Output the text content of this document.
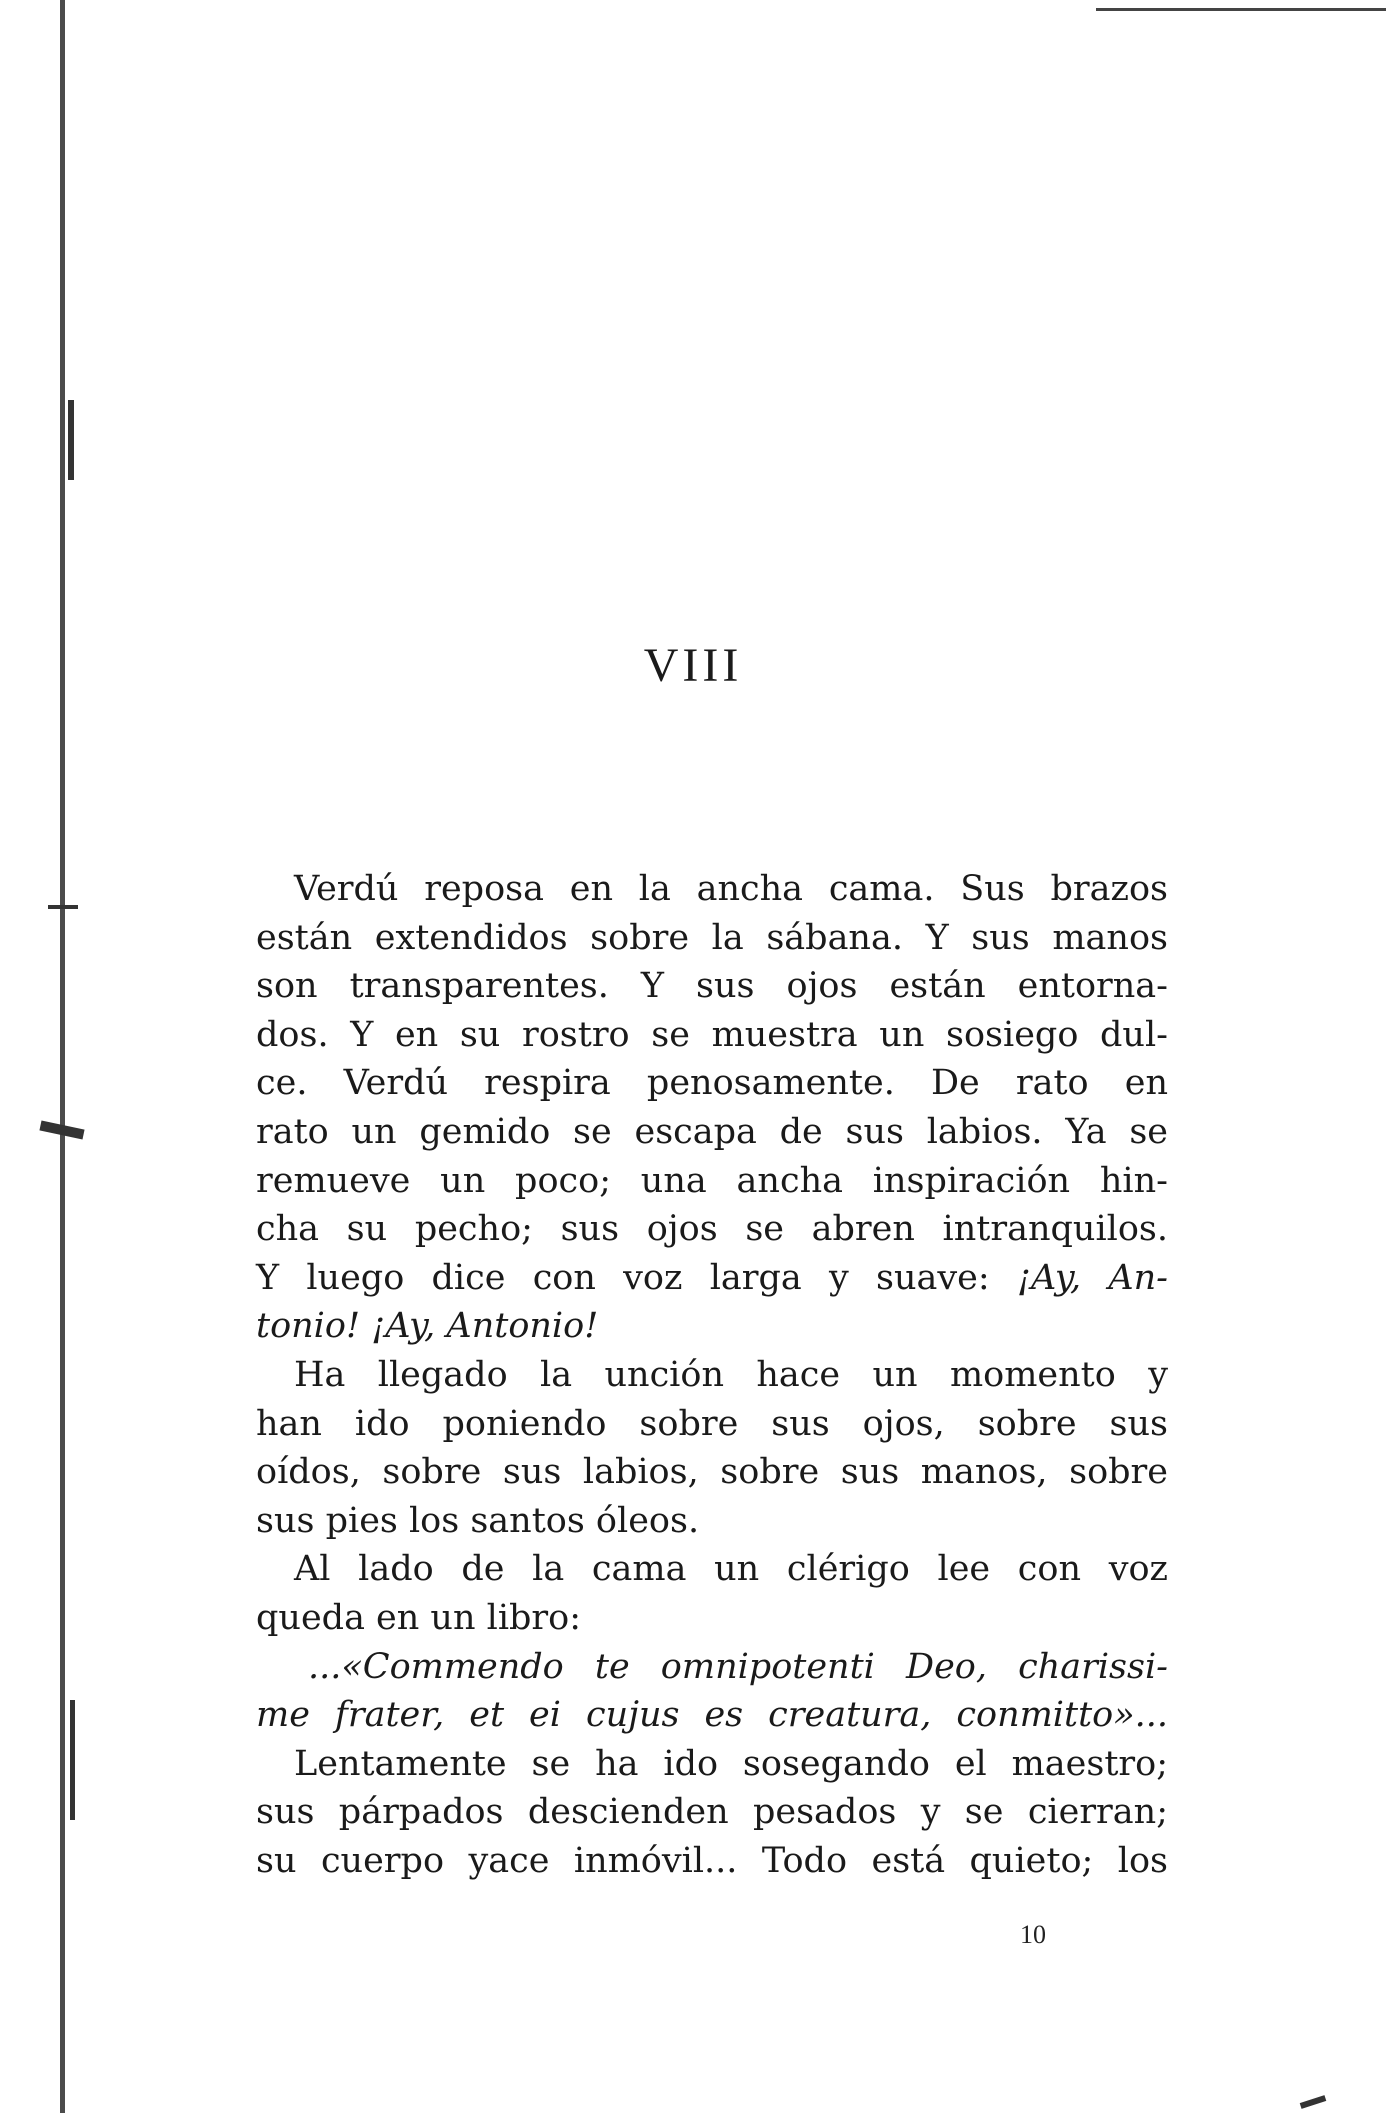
VIII
Verdú reposa en la ancha cama. Sus brazos
están extendidos sobre la sábana. Y sus manos
son transparentes. Y sus ojos están entorna-
dos. Y en su rostro se muestra un sosiego dul-
ce. Verdú respira penosamente. De rato en
rato un gemido se escapa de sus labios. Ya se
remueve un poco; una ancha inspiración hin-
cha su pecho; sus ojos se abren intranquilos.
Y luego dice con voz larga y suave: ¡Ay, An-
tonio! ¡Ay, Antonio!
Ha llegado la unción hace un momento y
han ido poniendo sobre sus ojos, sobre sus
oídos, sobre sus labios, sobre sus manos, sobre
sus pies los santos óleos.
Al lado de la cama un clérigo lee con voz
queda en un libro:
...«Commendo te omnipotenti Deo, charissi-
me frater, et ei cujus es creatura, conmitto»...
Lentamente se ha ido sosegando el maestro;
sus párpados descienden pesados y se cierran;
su cuerpo yace inmóvil... Todo está quieto; los
10
